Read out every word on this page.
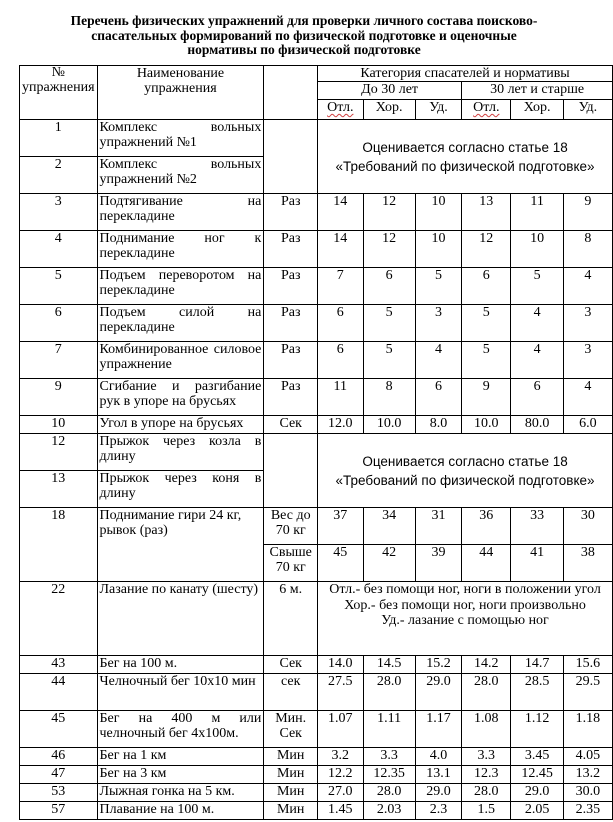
Перечень физических упражнений для проверки личного состава поисково-
спасательных формирований по физической подготовке и оценочные
нормативы по физической подготовке
№ упражнения	Наименование упражнения		Категория спасателей и нормативы					
			До 30 лет			30 лет и старше		
			Отл.	Хор.	Уд.	Отл.	Хор.	Уд.
1	Комплекс вольных упражнений №1		Оценивается согласно статье 18
«Требований по физической подготовке»					

2	Комплекс вольных упражнений №2							
3	Подтягивание на перекладине	Раз	14	12	10	13	11	9
4	Поднимание ног к перекладине	Раз	14	12	10	12	10	8
5	Подъем переворотом на перекладине	Раз	7	6	5	6	5	4
6	Подъем силой на перекладине	Раз	6	5	3	5	4	3
7	Комбинированное силовое упражнение	Раз	6	5	4	5	4	3
9	Сгибание и разгибание рук в упоре на брусьях	Раз	11	8	6	9	6	4
10	Угол в упоре на брусьях	Сек	12.0	10.0	8.0	10.0	80.0	6.0
12	Прыжок через козла в длину		Оценивается согласно статье 18
«Требований по физической подготовке»					

13	Прыжок через коня в длину							
18	Поднимание гири 24 кг, рывок (раз)	Вес до 70 кг	37	34	31	36	33	30
		Свыше 70 кг	45	42	39	44	41	38
22	Лазание по канату (шесту)	6 м.	Отл.- без помощи ног, ноги в положении угол
Хор.- без помощи ног, ноги произвольно
Уд.- лазание с помощью ног					

43	Бег на 100 м.	Сек	14.0	14.5	15.2	14.2	14.7	15.6
44	Челночный бег 10х10 мин	сек	27.5	28.0	29.0	28.0	28.5	29.5
45	Бег на 400 м или челночный бег 4х100м.	Мин. Сек	1.07	1.11	1.17	1.08	1.12	1.18
46	Бег на 1 км	Мин	3.2	3.3	4.0	3.3	3.45	4.05
47	Бег на 3 км	Мин	12.2	12.35	13.1	12.3	12.45	13.2
53	Лыжная гонка на 5 км.	Мин	27.0	28.0	29.0	28.0	29.0	30.0
57	Плавание на 100 м.	Мин	1.45	2.03	2.3	1.5	2.05	2.35
